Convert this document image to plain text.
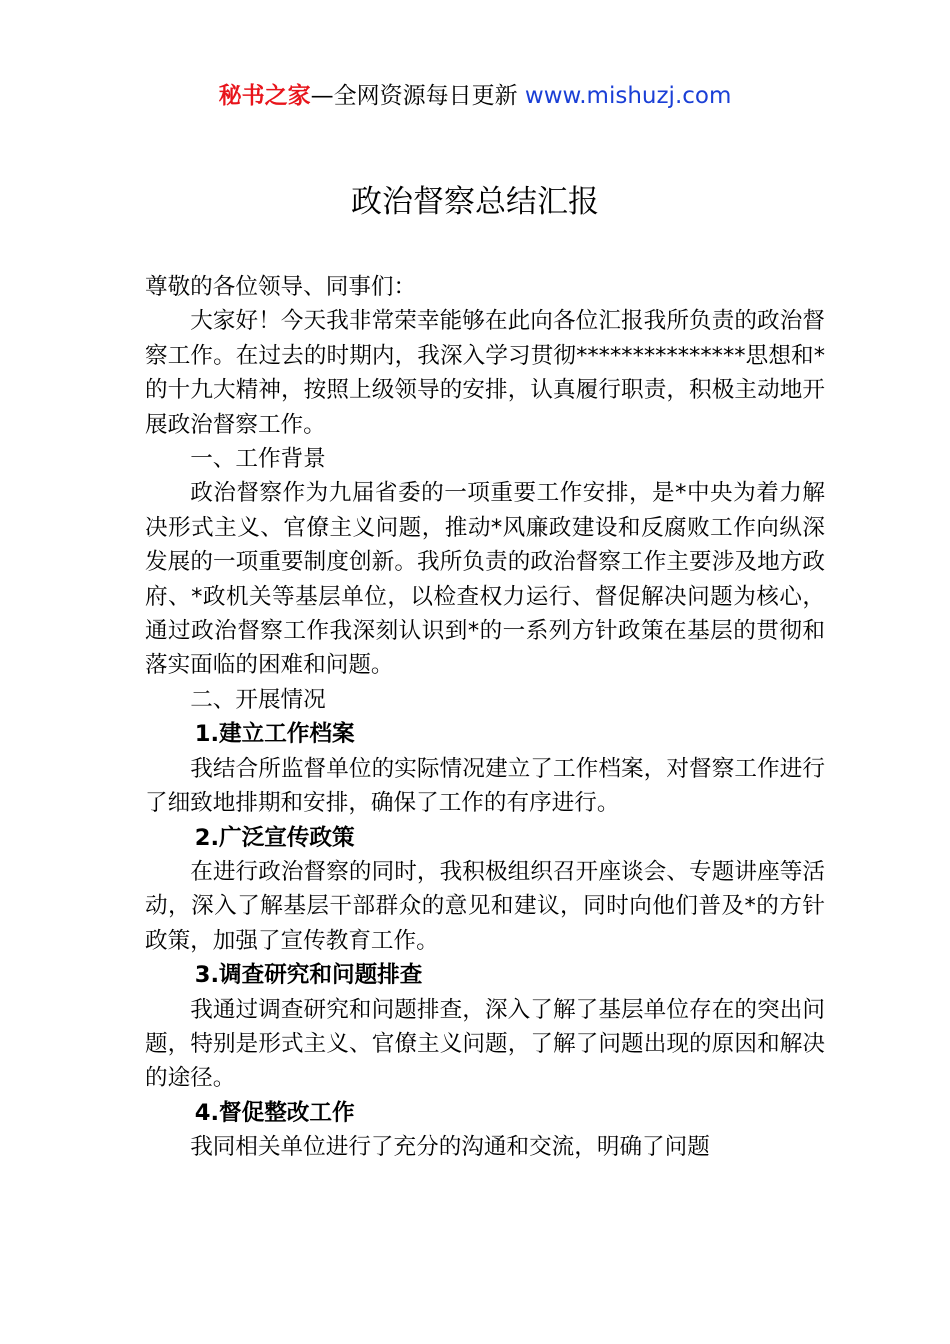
秘书之家—全网资源每日更新 www.mishuzj.com
政治督察总结汇报

尊敬的各位领导、同事们：

大家好！今天我非常荣幸能够在此向各位汇报我所负责的政治督察工作。在过去的时期内，我深入学习贯彻***************思想和*的十九大精神，按照上级领导的安排，认真履行职责，积极主动地开展政治督察工作。

一、工作背景

政治督察作为九届省委的一项重要工作安排，是*中央为着力解决形式主义、官僚主义问题，推动*风廉政建设和反腐败工作向纵深发展的一项重要制度创新。我所负责的政治督察工作主要涉及地方政府、*政机关等基层单位，以检查权力运行、督促解决问题为核心，通过政治督察工作我深刻认识到*的一系列方针政策在基层的贯彻和落实面临的困难和问题。

二、开展情况

1.建立工作档案

我结合所监督单位的实际情况建立了工作档案，对督察工作进行了细致地排期和安排，确保了工作的有序进行。

2.广泛宣传政策

在进行政治督察的同时，我积极组织召开座谈会、专题讲座等活动，深入了解基层干部群众的意见和建议，同时向他们普及*的方针政策，加强了宣传教育工作。

3.调查研究和问题排查

我通过调查研究和问题排查，深入了解了基层单位存在的突出问题，特别是形式主义、官僚主义问题，了解了问题出现的原因和解决的途径。

4.督促整改工作

我同相关单位进行了充分的沟通和交流，明确了问题
